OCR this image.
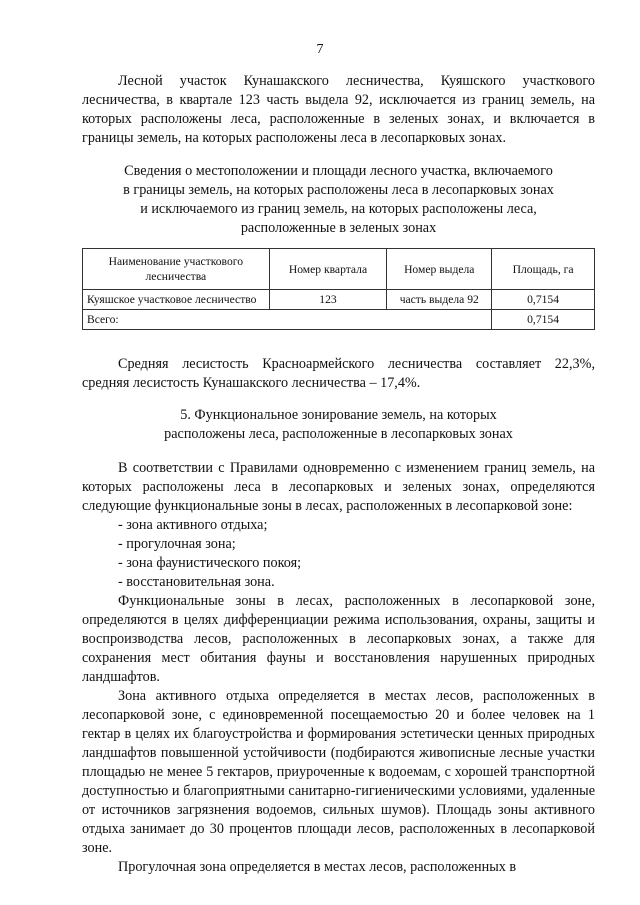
7

Лесной участок Кунашакского лесничества, Куяшского участкового лесничества, в квартале 123 часть выдела 92, исключается из границ земель, на которых расположены леса, расположенные в зеленых зонах, и включается в границы земель, на которых расположены леса в лесопарковых зонах.

Сведения о местоположении и площади лесного участка, включаемого
в границы земель, на которых расположены леса в лесопарковых зонах
и исключаемого из границ земель, на которых расположены леса,
расположенные в зеленых зонах
Наименование участкового лесничества	Номер квартала	Номер выдела	Площадь, га
Куяшское участковое лесничество	123	часть выдела 92	0,7154
Всего:			0,7154

Средняя лесистость Красноармейского лесничества составляет 22,3%, средняя лесистость Кунашакского лесничества – 17,4%.

5. Функциональное зонирование земель, на которых
расположены леса, расположенные в лесопарковых зонах

В соответствии с Правилами одновременно с изменением границ земель, на которых расположены леса в лесопарковых и зеленых зонах, определяются следующие функциональные зоны в лесах, расположенных в лесопарковой зоне:

- зона активного отдыха;

- прогулочная зона;

- зона фаунистического покоя;

- восстановительная зона.

Функциональные зоны в лесах, расположенных в лесопарковой зоне, определяются в целях дифференциации режима использования, охраны, защиты и воспроизводства лесов, расположенных в лесопарковых зонах, а также для сохранения мест обитания фауны и восстановления нарушенных природных ландшафтов.

Зона активного отдыха определяется в местах лесов, расположенных в лесопарковой зоне, с единовременной посещаемостью 20 и более человек на 1 гектар в целях их благоустройства и формирования эстетически ценных природных ландшафтов повышенной устойчивости (подбираются живописные лесные участки площадью не менее 5 гектаров, приуроченные к водоемам, с хорошей транспортной доступностью и благоприятными санитарно-гигиеническими условиями, удаленные от источников загрязнения водоемов, сильных шумов). Площадь зоны активного отдыха занимает до 30 процентов площади лесов, расположенных в лесопарковой зоне.

Прогулочная зона определяется в местах лесов, расположенных в
